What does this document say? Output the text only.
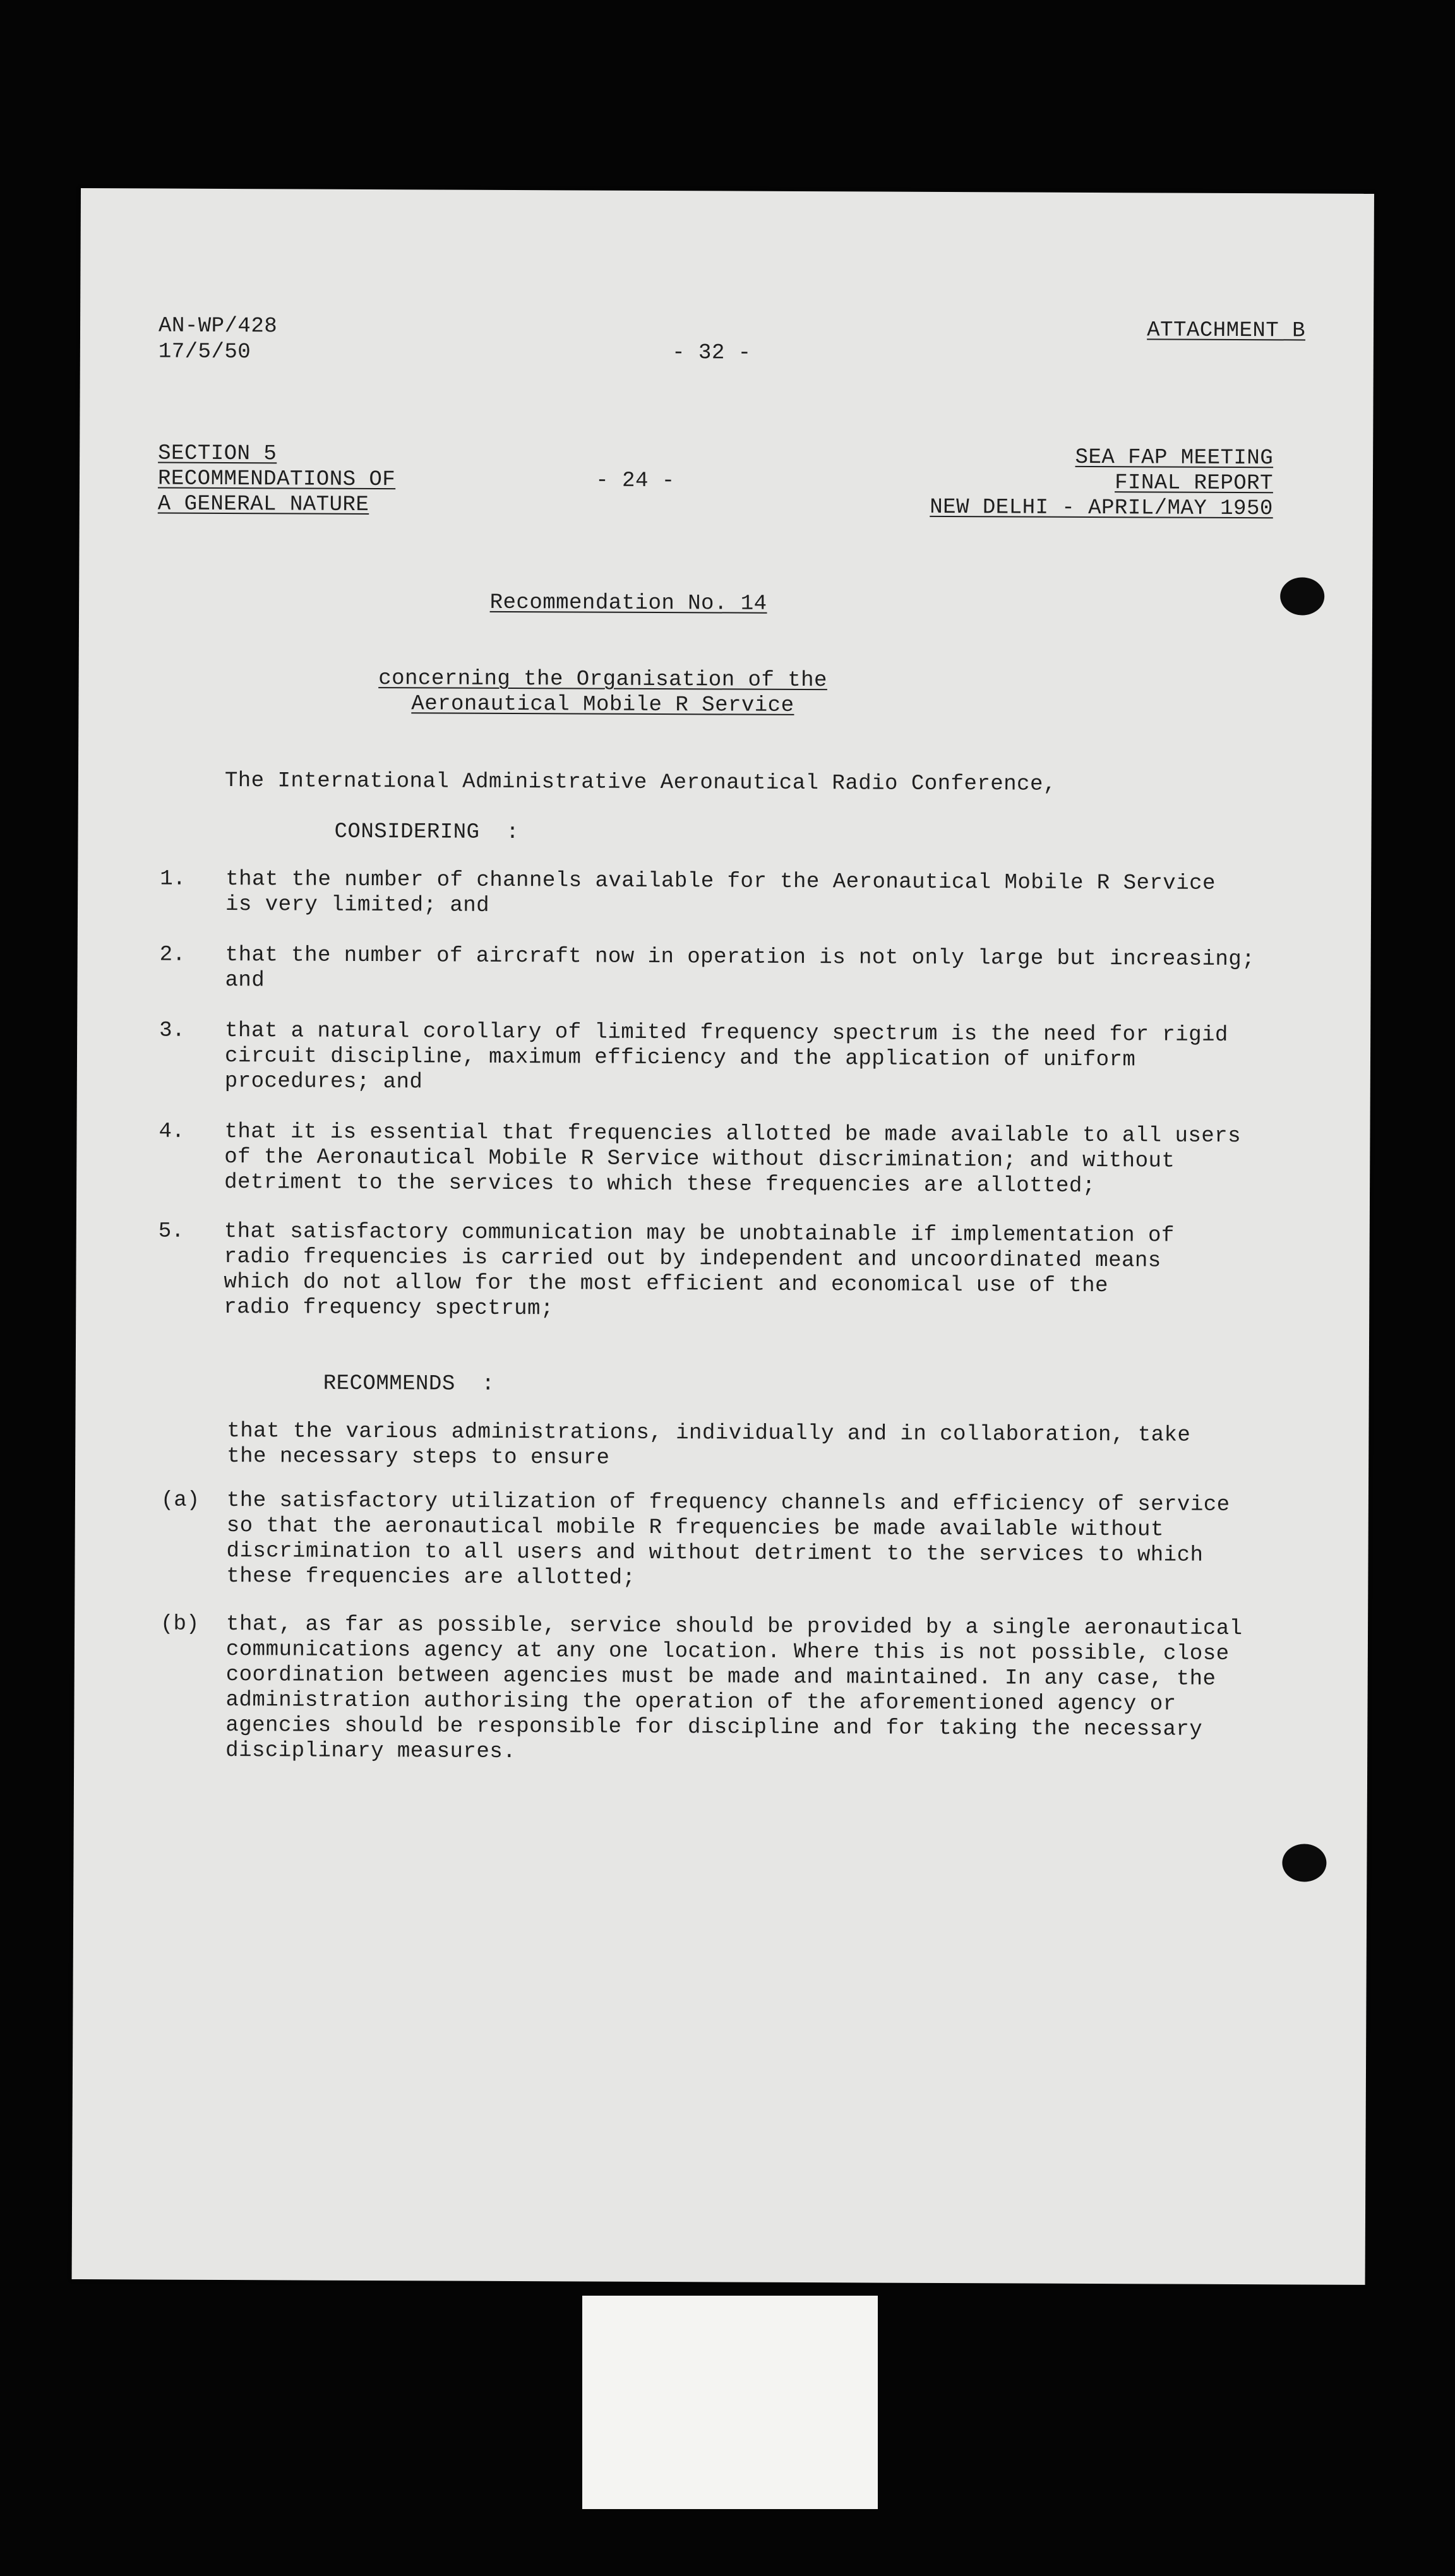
AN-WP/428
17/5/50	- 32 -
ATTACHMENT B
SECTION 5
RECOMMENDATIONS OF
A GENERAL NATURE
- 24 -
SEA FAP MEETING
FINAL REPORT
NEW DELHI - APRIL/MAY 1950
Recommendation No. 14
concerning the Organisation of the
Aeronautical Mobile R Service
The International Administrative Aeronautical Radio Conference,
CONSIDERING  :
1. that the number of channels available for the Aeronautical Mobile R Service
is very limited; and
2. that the number of aircraft now in operation is not only large but increasing;
and
3. that a natural corollary of limited frequency spectrum is the need for rigid
circuit discipline, maximum efficiency and the application of uniform
procedures; and
4. that it is essential that frequencies allotted be made available to all users
of the Aeronautical Mobile R Service without discrimination; and without
detriment to the services to which these frequencies are allotted;
5. that satisfactory communication may be unobtainable if implementation of
radio frequencies is carried out by independent and uncoordinated means
which do not allow for the most efficient and economical use of the
radio frequency spectrum;
RECOMMENDS  :
that the various administrations, individually and in collaboration, take
the necessary steps to ensure
(a) the satisfactory utilization of frequency channels and efficiency of service
so that the aeronautical mobile R frequencies be made available without
discrimination to all users and without detriment to the services to which
these frequencies are allotted;
(b) that, as far as possible, service should be provided by a single aeronautical
communications agency at any one location. Where this is not possible, close
coordination between agencies must be made and maintained. In any case, the
administration authorising the operation of the aforementioned agency or
agencies should be responsible for discipline and for taking the necessary
disciplinary measures.
